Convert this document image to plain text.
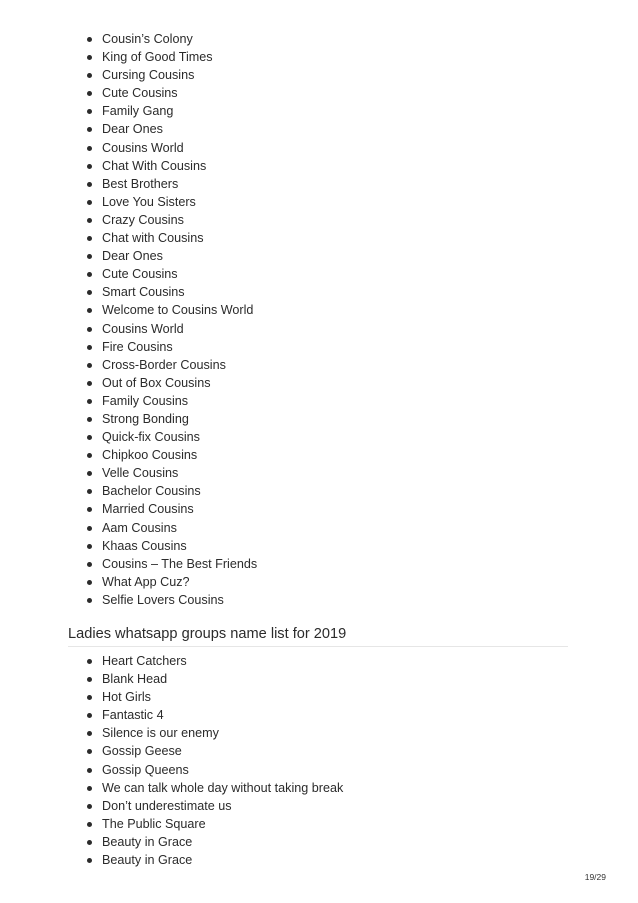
Cousin’s Colony
King of Good Times
Cursing Cousins
Cute Cousins
Family Gang
Dear Ones
Cousins World
Chat With Cousins
Best Brothers
Love You Sisters
Crazy Cousins
Chat with Cousins
Dear Ones
Cute Cousins
Smart Cousins
Welcome to Cousins World
Cousins World
Fire Cousins
Cross-Border Cousins
Out of Box Cousins
Family Cousins
Strong Bonding
Quick-fix Cousins
Chipkoo Cousins
Velle Cousins
Bachelor Cousins
Married Cousins
Aam Cousins
Khaas Cousins
Cousins – The Best Friends
What App Cuz?
Selfie Lovers Cousins
Ladies whatsapp groups name list for 2019
Heart Catchers
Blank Head
Hot Girls
Fantastic 4
Silence is our enemy
Gossip Geese
Gossip Queens
We can talk whole day without taking break
Don’t underestimate us
The Public Square
Beauty in Grace
Beauty in Grace
19/29
